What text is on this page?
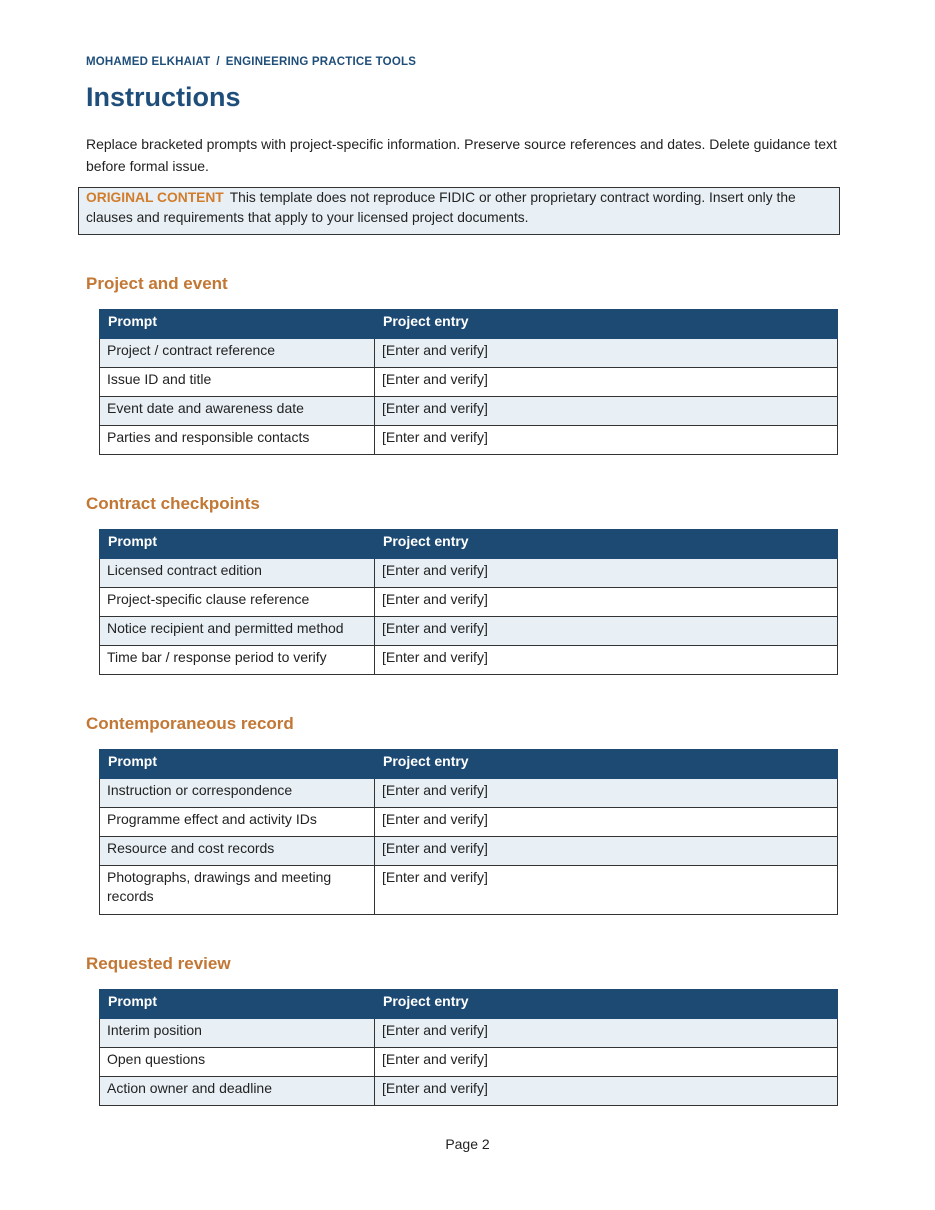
MOHAMED ELKHAIAT / ENGINEERING PRACTICE TOOLS
Instructions

Replace bracketed prompts with project-specific information. Preserve source references and dates. Delete guidance text before formal issue.

ORIGINAL CONTENT This template does not reproduce FIDIC or other proprietary contract wording. Insert only the clauses and requirements that apply to your licensed project documents.
Project and event
Prompt	Project entry
Project / contract reference	[Enter and verify]
Issue ID and title	[Enter and verify]
Event date and awareness date	[Enter and verify]
Parties and responsible contacts	[Enter and verify]
Contract checkpoints
Prompt	Project entry
Licensed contract edition	[Enter and verify]
Project-specific clause reference	[Enter and verify]
Notice recipient and permitted method	[Enter and verify]
Time bar / response period to verify	[Enter and verify]
Contemporaneous record
Prompt	Project entry
Instruction or correspondence	[Enter and verify]
Programme effect and activity IDs	[Enter and verify]
Resource and cost records	[Enter and verify]
Photographs, drawings and meeting records	[Enter and verify]
Requested review
Prompt	Project entry
Interim position	[Enter and verify]
Open questions	[Enter and verify]
Action owner and deadline	[Enter and verify]
Page 2
